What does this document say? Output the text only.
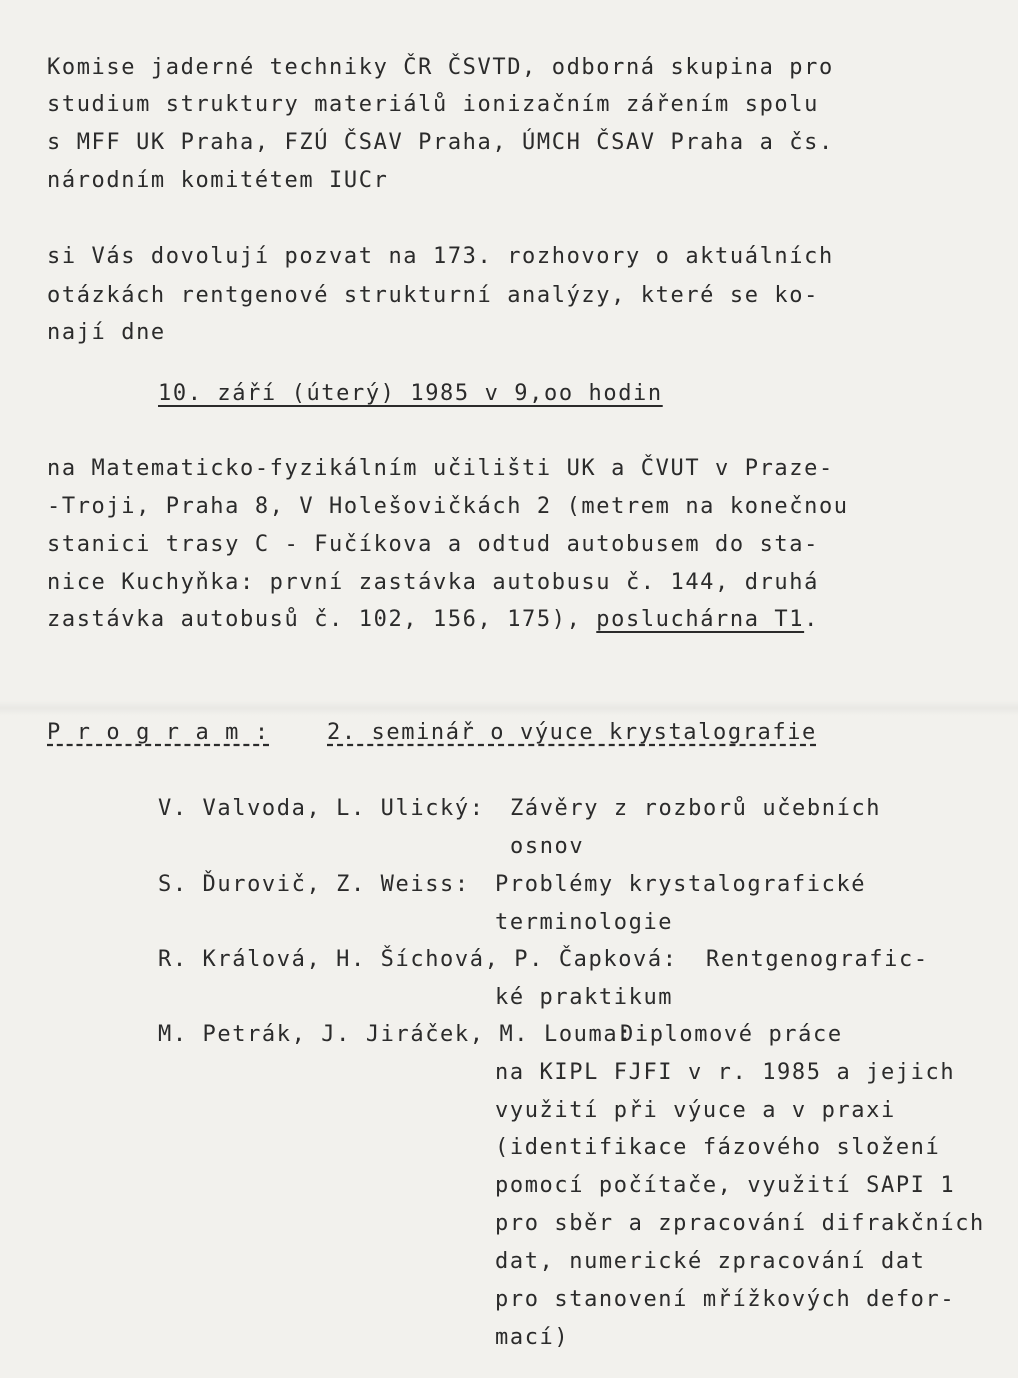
Komise jaderné techniky ČR ČSVTD, odborná skupina pro
studium struktury materiálů ionizačním zářením spolu
s MFF UK Praha, FZÚ ČSAV Praha, ÚMCH ČSAV Praha a čs.
národním komitétem IUCr
si Vás dovolují pozvat na 173. rozhovory o aktuálních
otázkách rentgenové strukturní analýzy, které se ko-
nají dne
10. září (úterý) 1985 v 9,oo hodin
na Matematicko-fyzikálním učilišti UK a ČVUT v Praze-
-Troji, Praha 8, V Holešovičkách 2 (metrem na konečnou
stanici trasy C - Fučíkova a odtud autobusem do sta-
nice Kuchyňka: první zastávka autobusu č. 144, druhá
zastávka autobusů č. 102, 156, 175), posluchárna T1.
P r o g r a m :	2. seminář o výuce krystalografie
V. Valvoda, L. Ulický: Závěry z rozborů učebních
osnov
S. Ďurovič, Z. Weiss: Problémy krystalografické
terminologie
R. Králová, H. Šíchová, P. Čapková: Rentgenografic-
ké praktikum
M. Petrák, J. Jiráček, M. Louma:
Diplomové práce
na KIPL FJFI v r. 1985 a jejich
využití při výuce a v praxi
(identifikace fázového složení
pomocí počítače, využití SAPI 1
pro sběr a zpracování difrakčních
dat, numerické zpracování dat
pro stanovení mřížkových defor-
mací)
